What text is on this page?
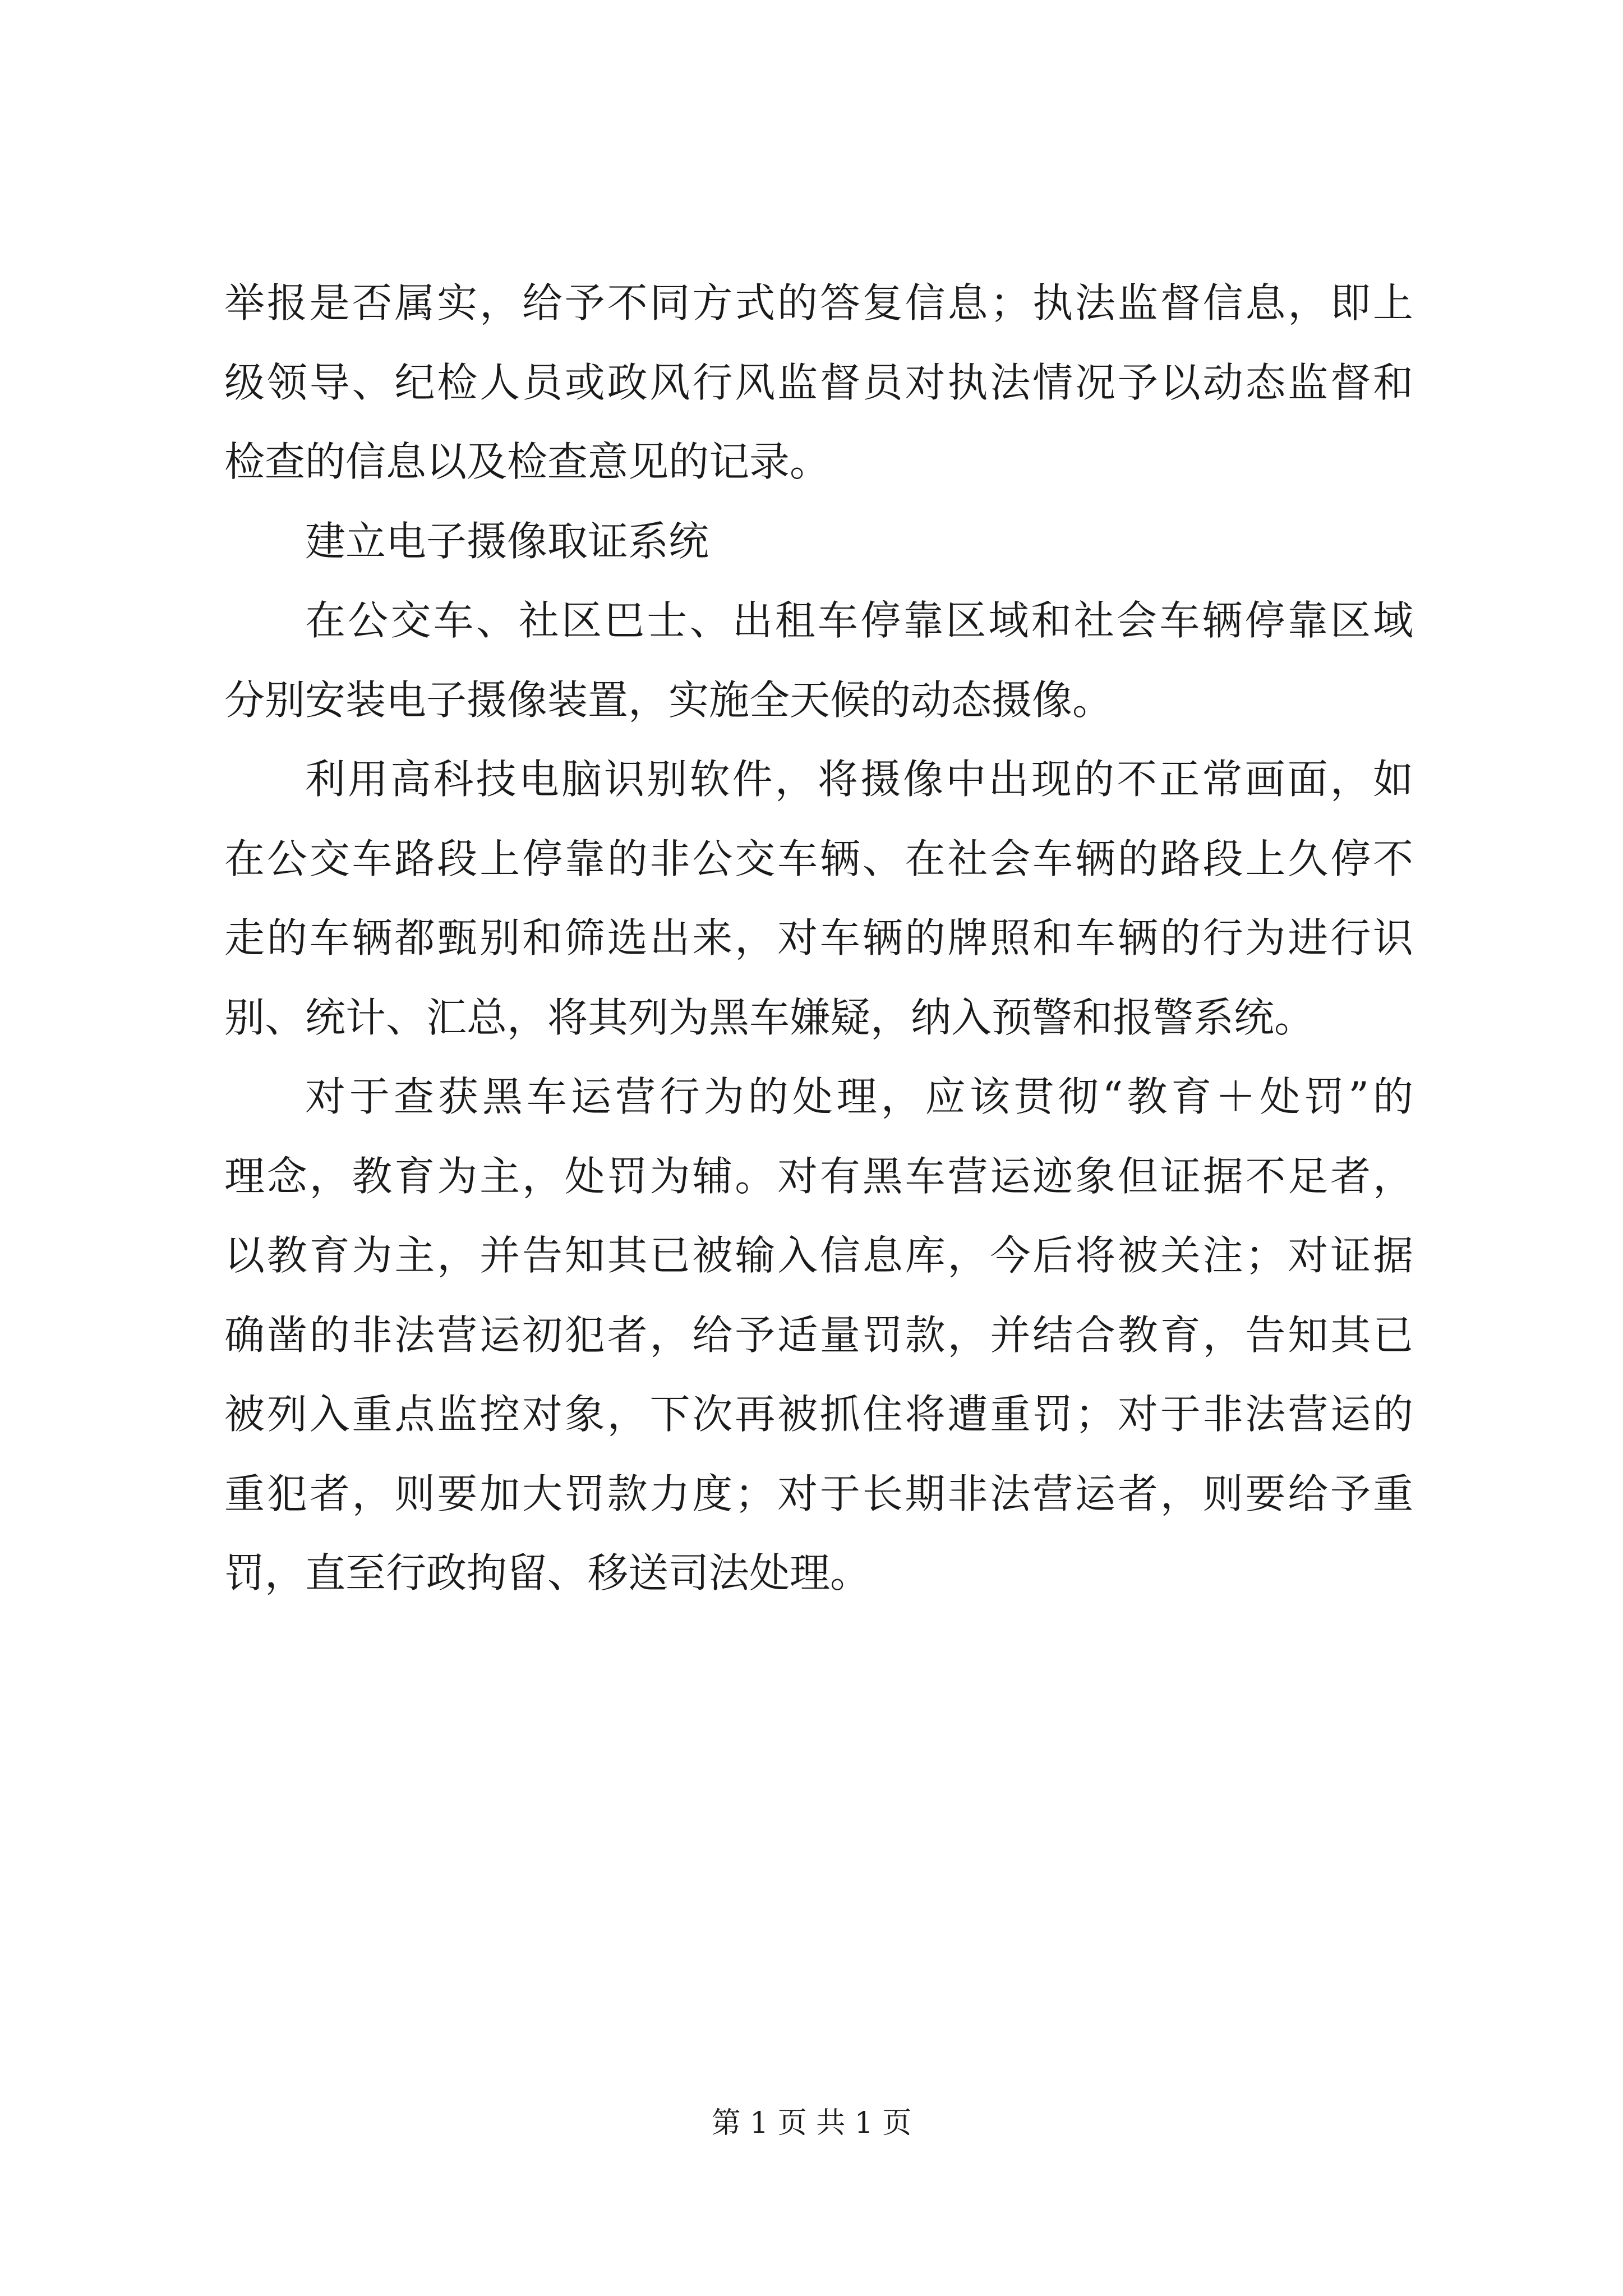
举报是否属实，给予不同方式的答复信息；执法监督信息，即上
级领导、纪检人员或政风行风监督员对执法情况予以动态监督和
检查的信息以及检查意见的记录。
建立电子摄像取证系统
在公交车、社区巴士、出租车停靠区域和社会车辆停靠区域
分别安装电子摄像装置，实施全天候的动态摄像。
利用高科技电脑识别软件，将摄像中出现的不正常画面，如
在公交车路段上停靠的非公交车辆、在社会车辆的路段上久停不
走的车辆都甄别和筛选出来，对车辆的牌照和车辆的行为进行识
别、统计、汇总，将其列为黑车嫌疑，纳入预警和报警系统。
对于查获黑车运营行为的处理，应该贯彻“教育＋处罚”的
理念，教育为主，处罚为辅。对有黑车营运迹象但证据不足者，
以教育为主，并告知其已被输入信息库，今后将被关注；对证据
确凿的非法营运初犯者，给予适量罚款，并结合教育，告知其已
被列入重点监控对象，下次再被抓住将遭重罚；对于非法营运的
重犯者，则要加大罚款力度；对于长期非法营运者，则要给予重
罚，直至行政拘留、移送司法处理。
第 1 页 共 1 页
